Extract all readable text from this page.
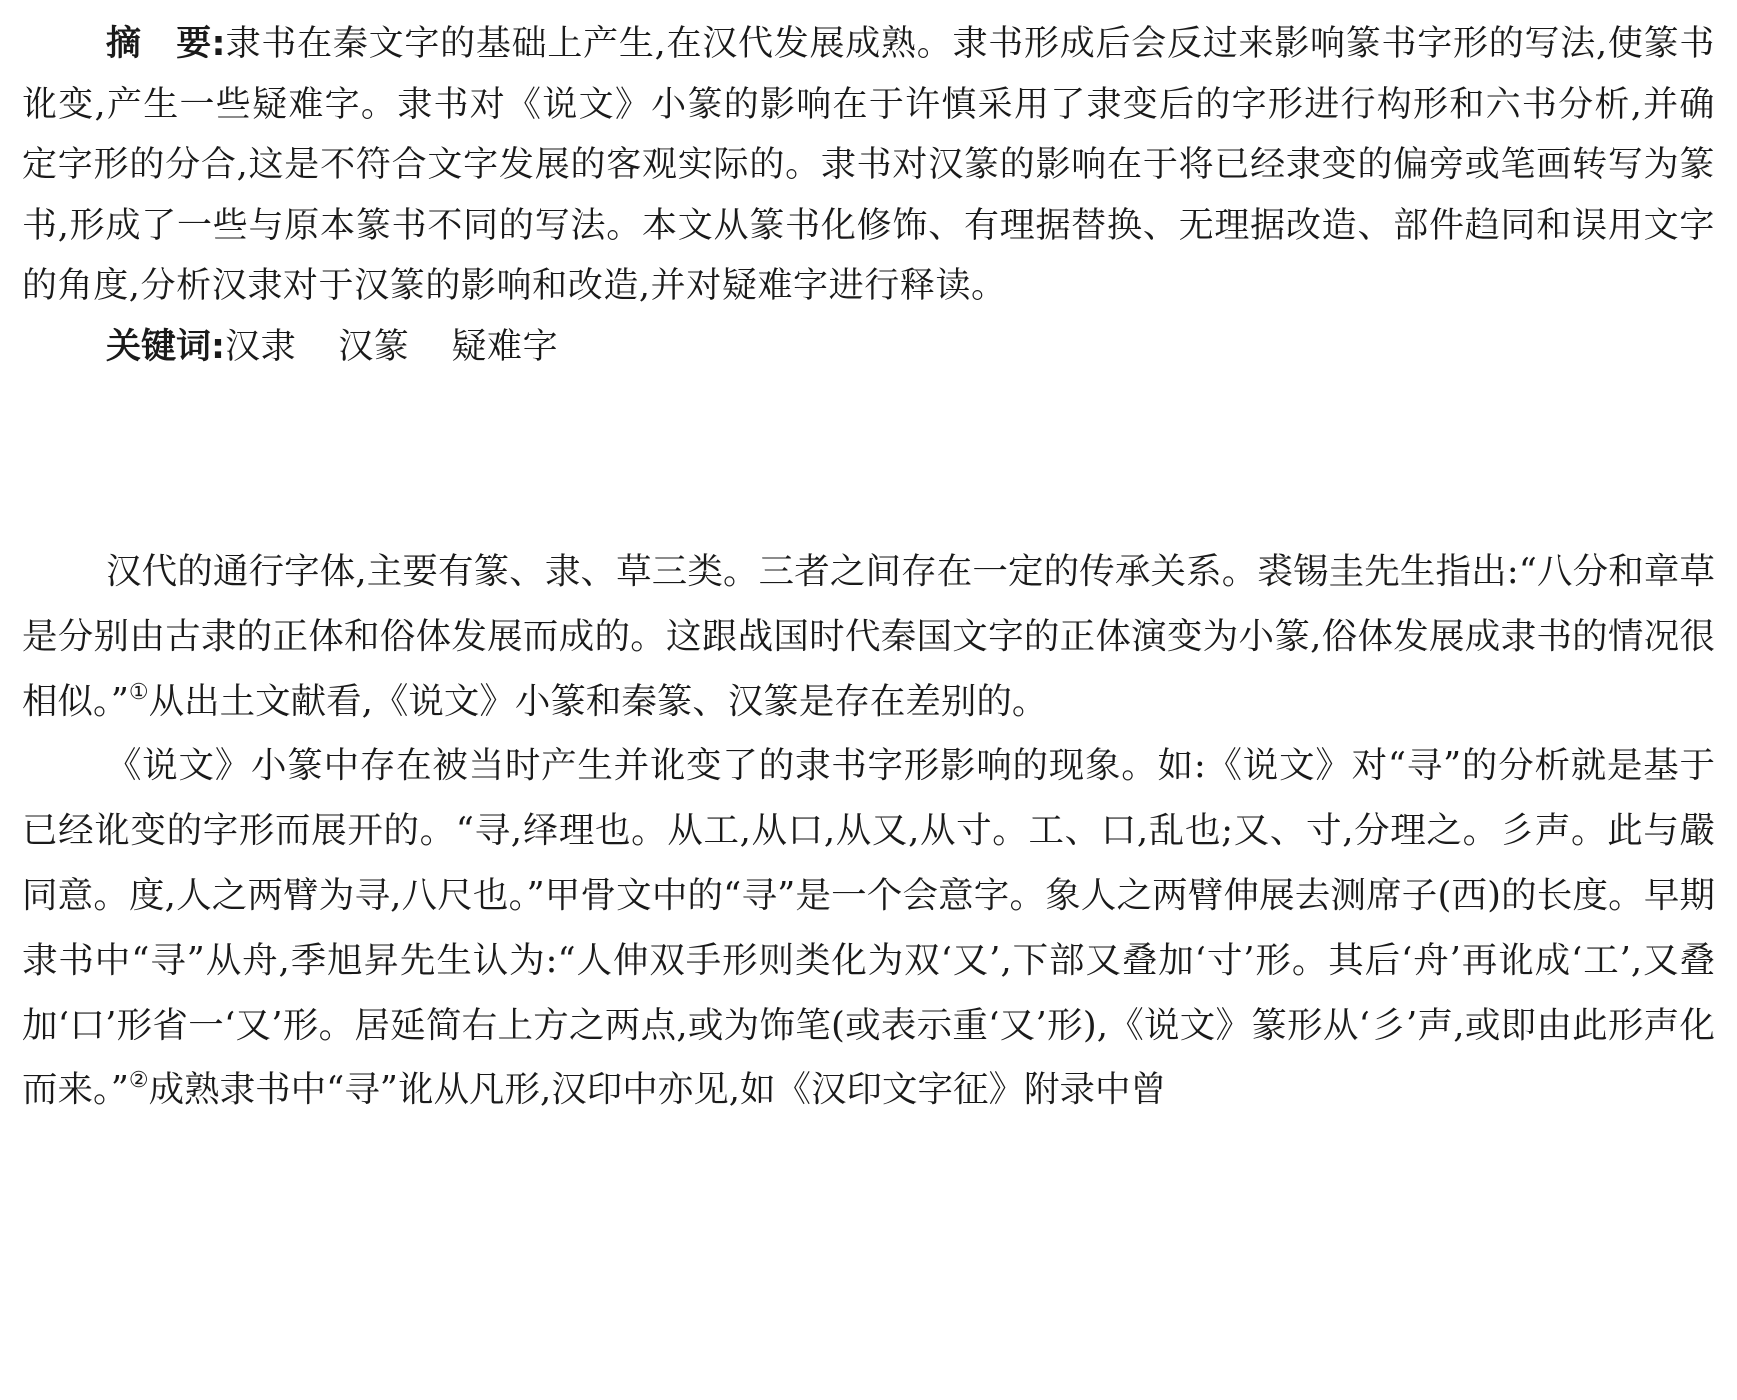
摘　要:隶书在秦文字的基础上产生,在汉代发展成熟。隶书形成后会反过来影响篆书字形的写法,使篆书讹变,产生一些疑难字。隶书对《说文》小篆的影响在于许慎采用了隶变后的字形进行构形和六书分析,并确定字形的分合,这是不符合文字发展的客观实际的。隶书对汉篆的影响在于将已经隶变的偏旁或笔画转写为篆书,形成了一些与原本篆书不同的写法。本文从篆书化修饰、有理据替换、无理据改造、部件趋同和误用文字的角度,分析汉隶对于汉篆的影响和改造,并对疑难字进行释读。

关键词:汉隶 汉篆 疑难字

汉代的通行字体,主要有篆、隶、草三类。三者之间存在一定的传承关系。裘锡圭先生指出:“八分和章草是分别由古隶的正体和俗体发展而成的。这跟战国时代秦国文字的正体演变为小篆,俗体发展成隶书的情况很相似。”①从出土文献看,《说文》小篆和秦篆、汉篆是存在差别的。

《说文》小篆中存在被当时产生并讹变了的隶书字形影响的现象。如:《说文》对“寻”的分析就是基于已经讹变的字形而展开的。“寻,绎理也。从工,从口,从又,从寸。工、口,乱也;又、寸,分理之。彡声。此与嚴同意。度,人之两臂为寻,八尺也。”甲骨文中的“寻”是一个会意字。象人之两臂伸展去测席子(西)的长度。早期隶书中“寻”从舟,季旭昇先生认为:“人伸双手形则类化为双‘又’,下部又叠加‘寸’形。其后‘舟’再讹成‘工’,又叠加‘口’形省一‘又’形。居延简右上方之两点,或为饰笔(或表示重‘又’形),《说文》篆形从‘彡’声,或即由此形声化而来。”②成熟隶书中“寻”讹从凡形,汉印中亦见,如《汉印文字征》附录中曾
